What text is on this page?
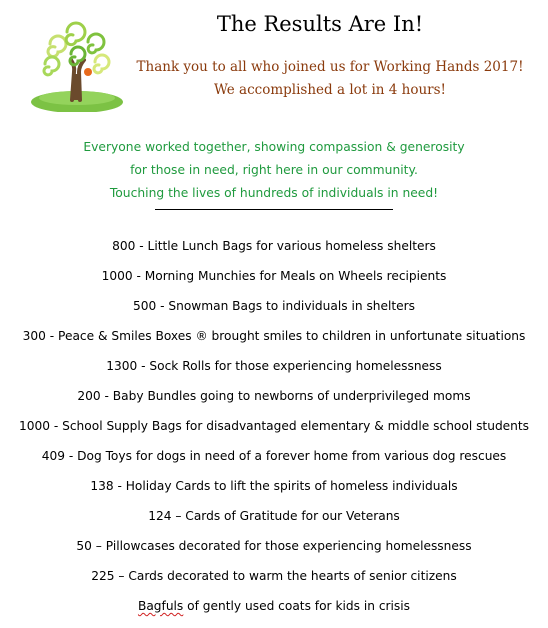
The Results Are In!
Thank you to all who joined us for Working Hands 2017!
We accomplished a lot in 4 hours!
Everyone worked together, showing compassion & generosity
for those in need, right here in our community.
Touching the lives of hundreds of individuals in need!
800 - Little Lunch Bags for various homeless shelters
1000 - Morning Munchies for Meals on Wheels recipients
500 - Snowman Bags to individuals in shelters
300 - Peace & Smiles Boxes ® brought smiles to children in unfortunate situations
1300 - Sock Rolls for those experiencing homelessness
200 - Baby Bundles going to newborns of underprivileged moms
1000 - School Supply Bags for disadvantaged elementary & middle school students
409 - Dog Toys for dogs in need of a forever home from various dog rescues
138 - Holiday Cards to lift the spirits of homeless individuals
124 – Cards of Gratitude for our Veterans
50 – Pillowcases decorated for those experiencing homelessness
225 – Cards decorated to warm the hearts of senior citizens
Bagfuls of gently used coats for kids in crisis
